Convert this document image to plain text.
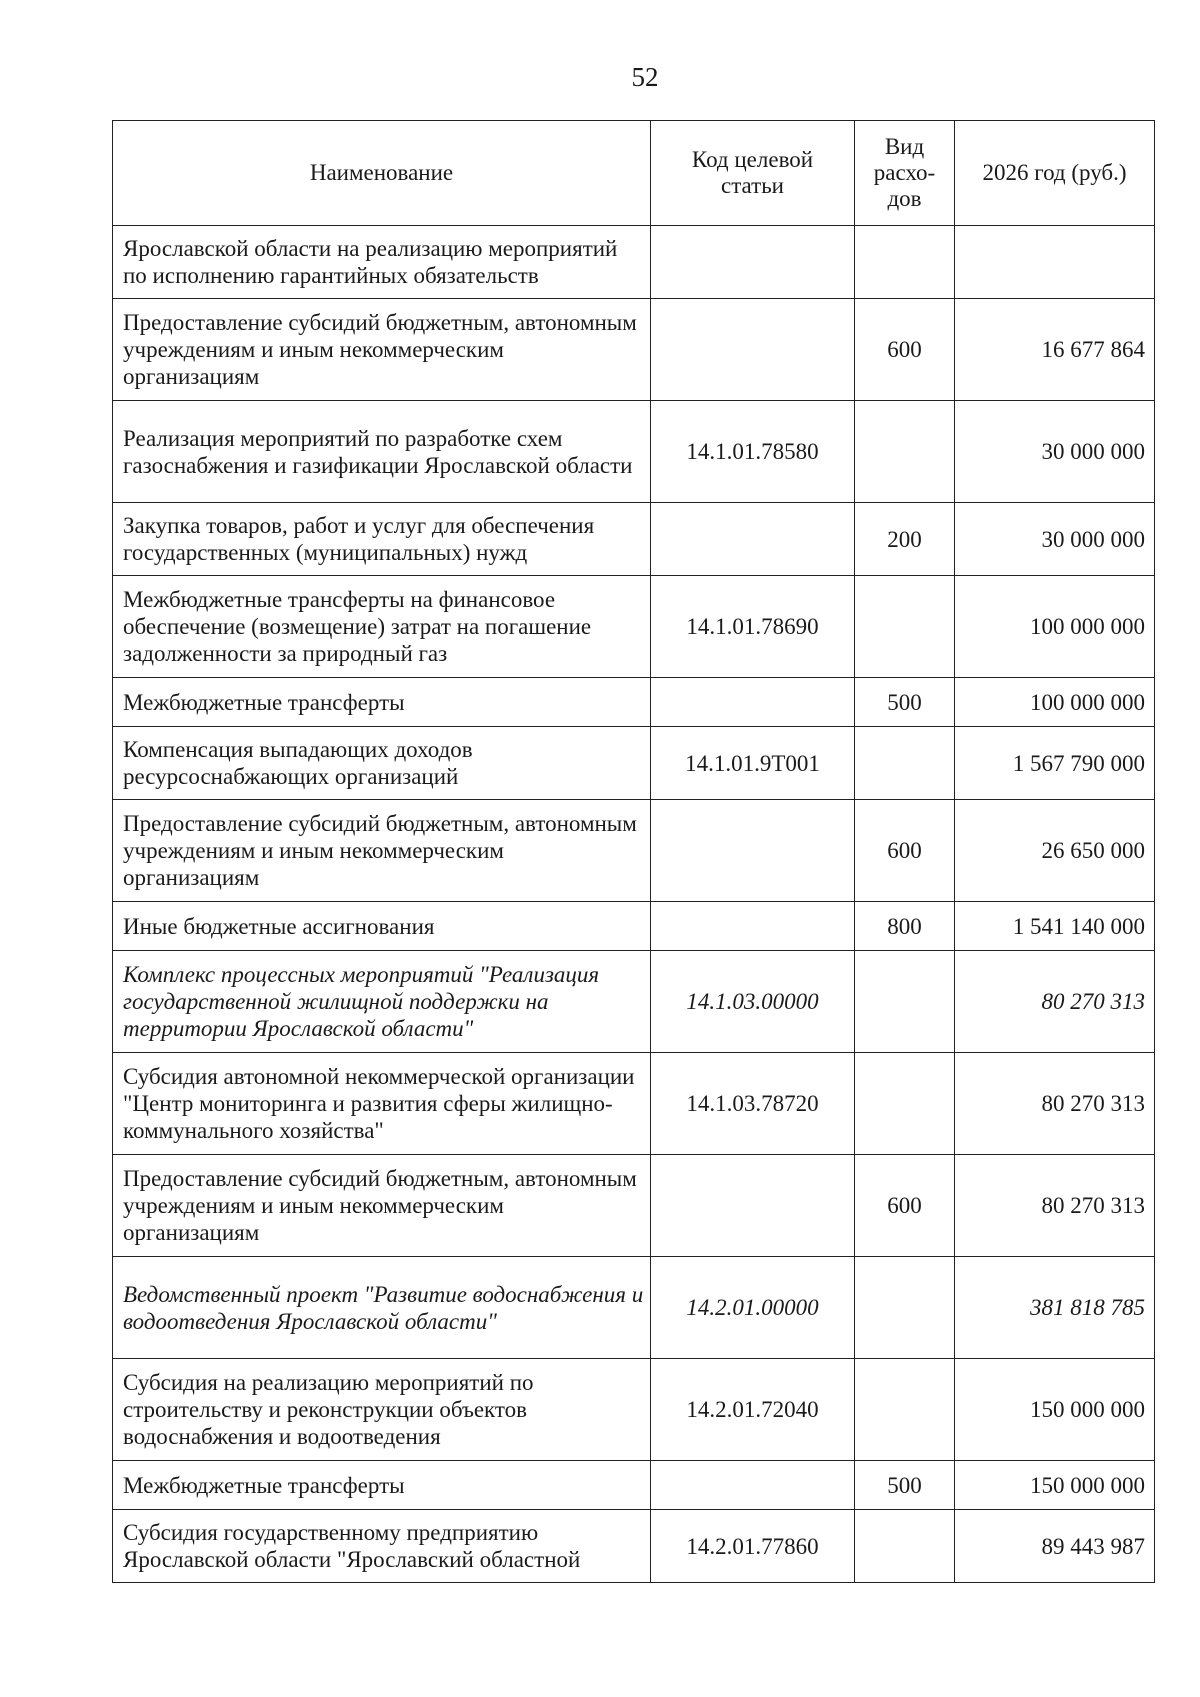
52
Наименование	Код целевой статьи	Вид расхо-дов	2026 год (руб.)
Ярославской области на реализацию мероприятий по исполнению гарантийных обязательств			
Предоставление субсидий бюджетным, автономным учреждениям и иным некоммерческим организациям		600	16 677 864
Реализация мероприятий по разработке схем газоснабжения и газификации Ярославской области	14.1.01.78580		30 000 000
Закупка товаров, работ и услуг для обеспечения государственных (муниципальных) нужд		200	30 000 000
Межбюджетные трансферты на финансовое обеспечение (возмещение) затрат на погашение задолженности за природный газ	14.1.01.78690		100 000 000
Межбюджетные трансферты		500	100 000 000
Компенсация выпадающих доходов ресурсоснабжающих организаций	14.1.01.9Т001		1 567 790 000
Предоставление субсидий бюджетным, автономным учреждениям и иным некоммерческим организациям		600	26 650 000
Иные бюджетные ассигнования		800	1 541 140 000
Комплекс процессных мероприятий "Реализация государственной жилищной поддержки на территории Ярославской области"	14.1.03.00000		80 270 313
Субсидия автономной некоммерческой организации "Центр мониторинга и развития сферы жилищно-коммунального хозяйства"	14.1.03.78720		80 270 313
Предоставление субсидий бюджетным, автономным учреждениям и иным некоммерческим организациям		600	80 270 313
Ведомственный проект "Развитие водоснабжения и водоотведения Ярославской области"	14.2.01.00000		381 818 785
Субсидия на реализацию мероприятий по строительству и реконструкции объектов водоснабжения и водоотведения	14.2.01.72040		150 000 000
Межбюджетные трансферты		500	150 000 000
Субсидия государственному предприятию Ярославской области "Ярославский областной	14.2.01.77860		89 443 987
